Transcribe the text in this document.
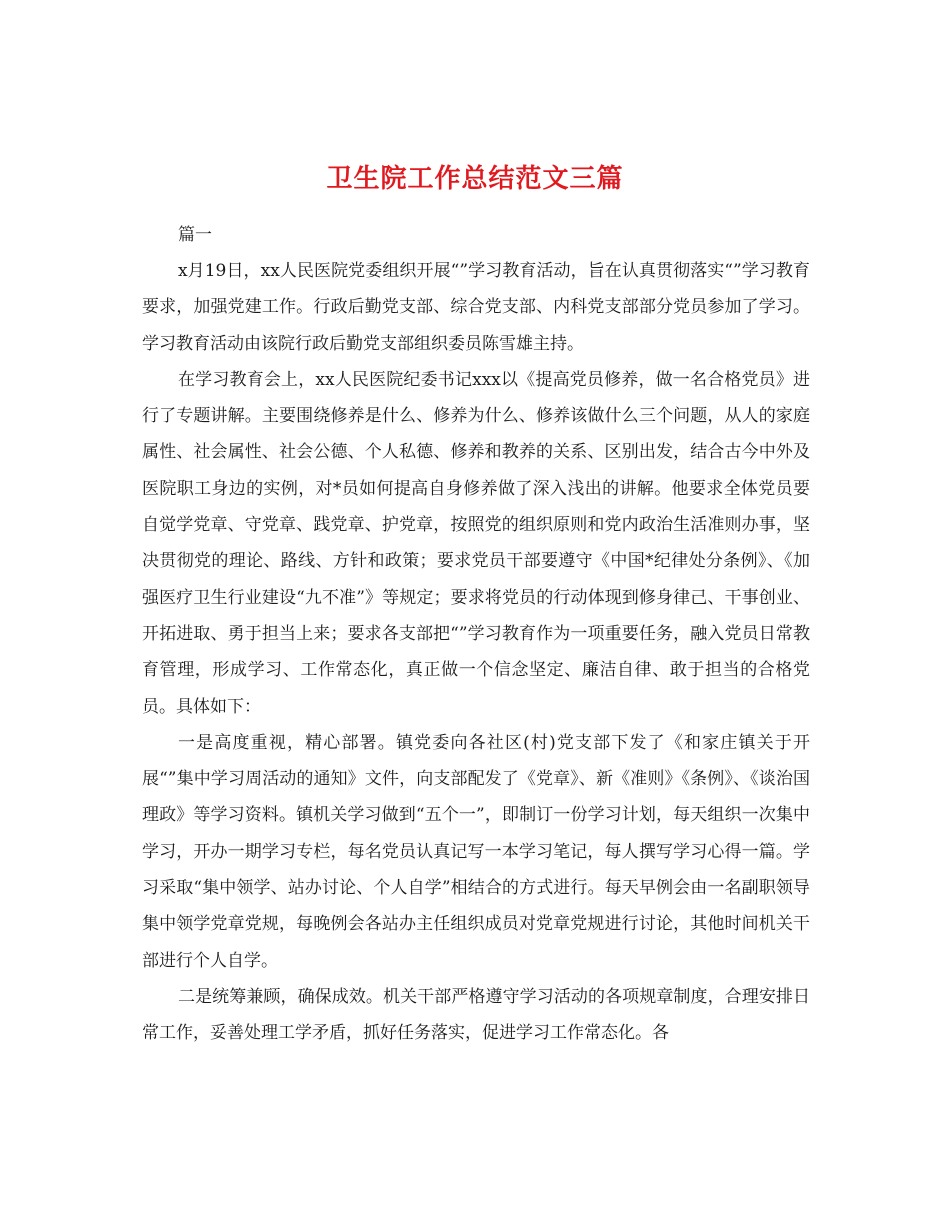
卫生院工作总结范文三篇

篇一

x月19日，xx人民医院党委组织开展“”学习教育活动，旨在认真贯彻落实“”学习教育要求，加强党建工作。行政后勤党支部、综合党支部、内科党支部部分党员参加了学习。学习教育活动由该院行政后勤党支部组织委员陈雪雄主持。

在学习教育会上，xx人民医院纪委书记xxx以《提高党员修养，做一名合格党员》进行了专题讲解。主要围绕修养是什么、修养为什么、修养该做什么三个问题，从人的家庭属性、社会属性、社会公德、个人私德、修养和教养的关系、区别出发，结合古今中外及医院职工身边的实例，对*员如何提高自身修养做了深入浅出的讲解。他要求全体党员要自觉学党章、守党章、践党章、护党章，按照党的组织原则和党内政治生活准则办事，坚决贯彻党的理论、路线、方针和政策；要求党员干部要遵守《中国*纪律处分条例》、《加强医疗卫生行业建设“九不准”》等规定；要求将党员的行动体现到修身律己、干事创业、开拓进取、勇于担当上来；要求各支部把“”学习教育作为一项重要任务，融入党员日常教育管理，形成学习、工作常态化，真正做一个信念坚定、廉洁自律、敢于担当的合格党员。具体如下：

一是高度重视，精心部署。镇党委向各社区(村)党支部下发了《和家庄镇关于开展“”集中学习周活动的通知》文件，向支部配发了《党章》、新《准则》《条例》、《谈治国理政》等学习资料。镇机关学习做到“五个一”，即制订一份学习计划，每天组织一次集中学习，开办一期学习专栏，每名党员认真记写一本学习笔记，每人撰写学习心得一篇。学习采取“集中领学、站办讨论、个人自学”相结合的方式进行。每天早例会由一名副职领导集中领学党章党规，每晚例会各站办主任组织成员对党章党规进行讨论，其他时间机关干部进行个人自学。

二是统筹兼顾，确保成效。机关干部严格遵守学习活动的各项规章制度，合理安排日常工作，妥善处理工学矛盾，抓好任务落实，促进学习工作常态化。各
